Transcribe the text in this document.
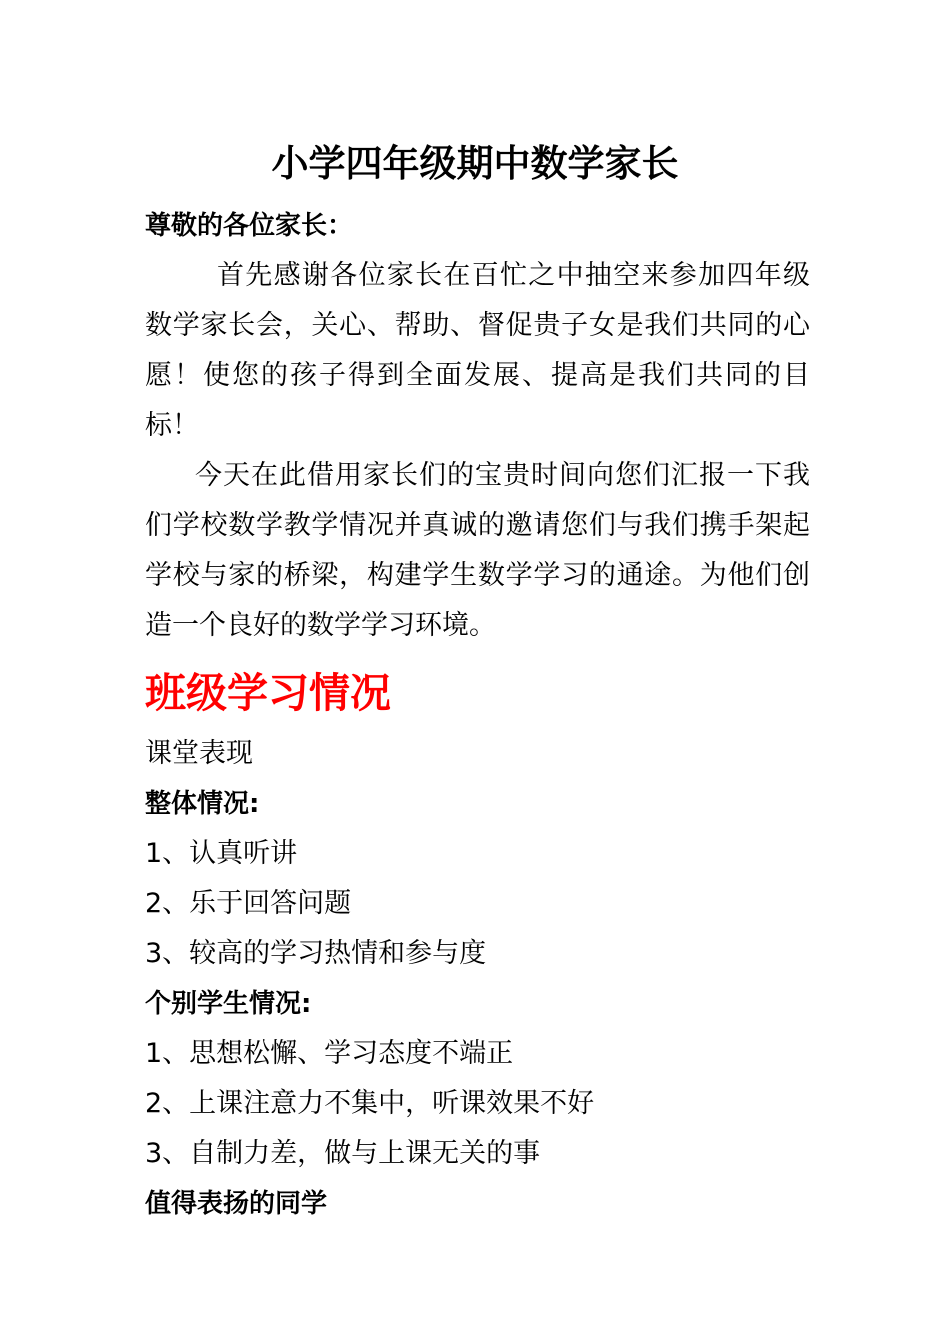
小学四年级期中数学家长

尊敬的各位家长：

首先感谢各位家长在百忙之中抽空来参加四年级数学家长会，关心、帮助、督促贵子女是我们共同的心愿！使您的孩子得到全面发展、提高是我们共同的目标！

今天在此借用家长们的宝贵时间向您们汇报一下我们学校数学教学情况并真诚的邀请您们与我们携手架起学校与家的桥梁，构建学生数学学习的通途。为他们创造一个良好的数学学习环境。

班级学习情况

课堂表现

整体情况:

1、认真听讲
2、乐于回答问题
3、较高的学习热情和参与度

个别学生情况:

1、思想松懈、学习态度不端正
2、上课注意力不集中，听课效果不好
3、自制力差，做与上课无关的事

值得表扬的同学
